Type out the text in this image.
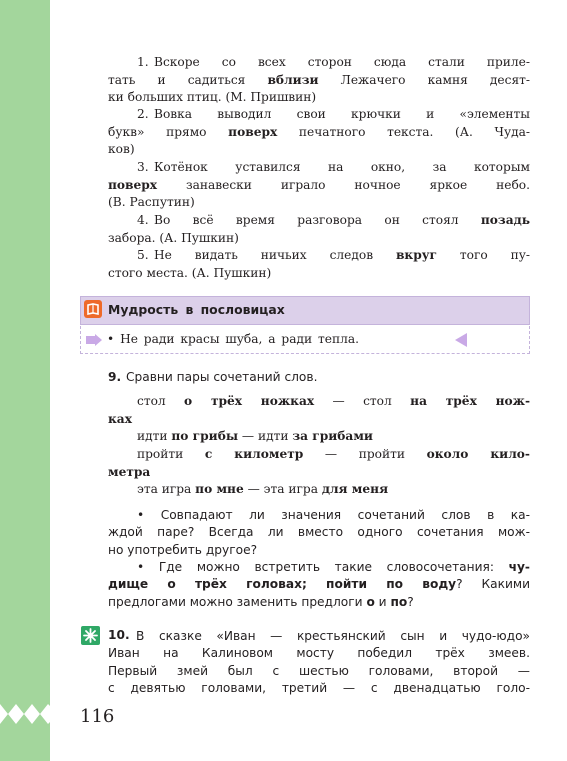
1. Вскоре со всех сторон сюда стали приле-
тать и садиться вблизи Лежачего камня десят-
ки больших птиц. (М. Пришвин)
2. Вовка выводил свои крючки и «элементы
букв» прямо поверх печатного текста. (А. Чуда-
ков)
3. Котёнок уставился на окно, за которым
поверх занавески играло ночное яркое небо.
(В. Распутин)
4. Во всё время разговора он стоял позадь
забора. (А. Пушкин)
5. Не видать ничьих следов вкруг того пу-
стого места. (А. Пушкин)
Мудрость в пословицах
• Не ради красы шуба, а ради тепла.
9. Сравни пары сочетаний слов.
стол о трёх ножках — стол на трёх нож-
ках
идти по грибы — идти за грибами
пройти с километр — пройти около кило-
метра
эта игра по мне — эта игра для меня
• Совпадают ли значения сочетаний слов в ка-
ждой паре? Всегда ли вместо одного сочетания мож-
но употребить другое?
• Где можно встретить такие словосочетания: чу-
дище о трёх головах; пойти по воду? Какими
предлогами можно заменить предлоги о и по?
10. В сказке «Иван — крестьянский сын и чудо-юдо»
Иван на Калиновом мосту победил трёх змеев.
Первый змей был с шестью головами, второй —
с девятью головами, третий — с двенадцатью голо-
116
